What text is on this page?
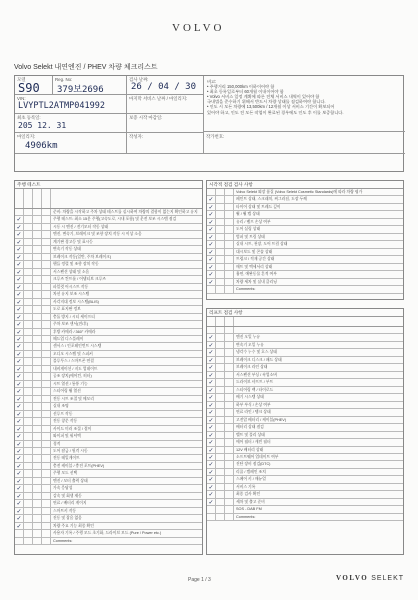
VOLVO
Volvo Selekt 내연엔진 / PHEV 차량 체크리스트
모델
S90
Reg. No:
379보2696
검사 날짜:
26 / 04 / 30
VIN:
LVYPTL2ATMP041992
마지막 서비스 날짜 / 마일리지:
최초 등록일:
205 12. 31
보증 시작 마감일:
마일리지:
4906km
작성자:	작가번호:

비고:

• 주행거리 150,000km 이하이어야 함

• 최초 등록일로부터 60개월 이내이어야 함

• Volvo 서비스 일정 계획에 따른 전체 서비스 내역이 있어야 함

국내법을 준수하기 위해서 반드시 차량 상태를 점검하여야 합니다.

• 인도 시 모든 차량에 13,500km / 12개월 이상 서비스 기간이 확보되어

있어야 하고, 인도 전 모든 작업이 완료된 경우에도 인도 후 이를 보증합니다.

주행 테스트
준비: 차량을 시작하고 주차 상태 테스트를 실시하여 차량의 결함이 없는지 확인하고 유지
✓	주행 테스트: 최소 15분 주행(고속도로, 시내 포함) 및 운전 보조 시스템 점검
✓	시동 시 엔진 / 전기모터 작동 상태
✓	엔진, 변속기, 브레이크 및 조향 장치 작동 시 이상 소음
✓	계기판 경고등 및 표시등
✓	변속기 작동 상태
✓	브레이크 작동(일반, 주차 브레이크)
✓	핸들 정렬 및 조향 장치 작동
✓	서스펜션 상태 및 소음
✓	크루즈 컨트롤 / 어댑티브 크루즈
✓	파일럿 어시스트 작동
✓	차선 유지 보조 시스템
✓	사각지대 정보 시스템(BLIS)
✓	도로 표지판 정보
✓	충돌 방지 / 시티 세이프티
✓	주차 보조 센서(전/후)
✓	후방 카메라 / 360° 카메라
✓	헤드업 디스플레이
✓	센서스 / 인포테인먼트 시스템
✓	오디오 시스템 및 스피커
✓	블루투스 / 스마트폰 연결
✓	내비게이션 / 지도 업데이트
✓	공조 장치(에어컨, 히터)
✓	시트 열선 / 통풍 기능
✓	스티어링 휠 열선
✓	전동 시트 조절 및 메모리
✓	실내 조명
✓	선루프 작동
✓	전동 창문 작동
✓	사이드 미러 조절 / 접이
✓	와이퍼 및 워셔액
✓	경적
✓	도어 잠금 / 원격 시동
✓	전동 테일게이트
✓	충전 케이블 / 충전 포트(PHEV)
✓	주행 모드 선택
✓	엔진 / 모터 출력 상태
✓	가속 응답성
✓	감속 및 회생 제동
✓	연료 / 배터리 게이지
✓	스마트키 작동
✓	진동 및 잡음 없음
✓	차량 주요 기능 최종 확인
사용자 기록 / 주행 모드 초기화, 드라이브 모드 (Pure / Power etc.)
Comments:
시각적 점검 검사 사항
Volvo Selekt 외장 품질 (Volvo Selekt Cosmetic Standards)에 따라 차량 평가
✓	페인트 상태, 스크래치, 찌그러짐, 도장 두께
✓	타이어 상태 및 트레드 깊이
✓	휠 / 휠 캡 상태
✓	유리 / 램프 손상 여부
✓	도어 실링 상태
✓	범퍼 및 트림 상태
✓	실내 시트, 천장, 도어 트림 상태
✓	대시보드 및 콘솔 상태
✓	트렁크 / 적재 공간 상태
✓	매트 및 액세서리 상태
✓	흡연, 애완동물 흔적 여부
✓	차량 세차 및 실내 클리닝
Comments:
리프트 점검 사항
✓	엔진 오일 누유
✓	변속기 오일 누유
✓	냉각수 누수 및 호스 상태
✓	브레이크 디스크 / 패드 상태
✓	브레이크 라인 상태
✓	서스펜션 부싱 / 쇽업소버
✓	드라이브 샤프트 / 부트
✓	스티어링 랙 / 타이로드
✓	배기 시스템 상태
✓	하부 부식 / 손상 여부
✓	연료 라인 / 탱크 상태
✓	고전압 배터리 / 케이블(PHEV)
✓	배터리 상태 점검
✓	벨트 및 풀리 상태
✓	에어 필터 / 캐빈 필터
✓	12V 배터리 상태
✓	소프트웨어 업데이트 여부
✓	진단 장비 점검(DTC)
✓	리콜 / 캠페인 조치
✓	스페어 키 / 매뉴얼
✓	서비스 기록
✓	최종 검사 확인
✓	세차 및 출고 준비
SOS - DAB FM
Comments:
Page 1 / 3	VOLVO SELEKT
